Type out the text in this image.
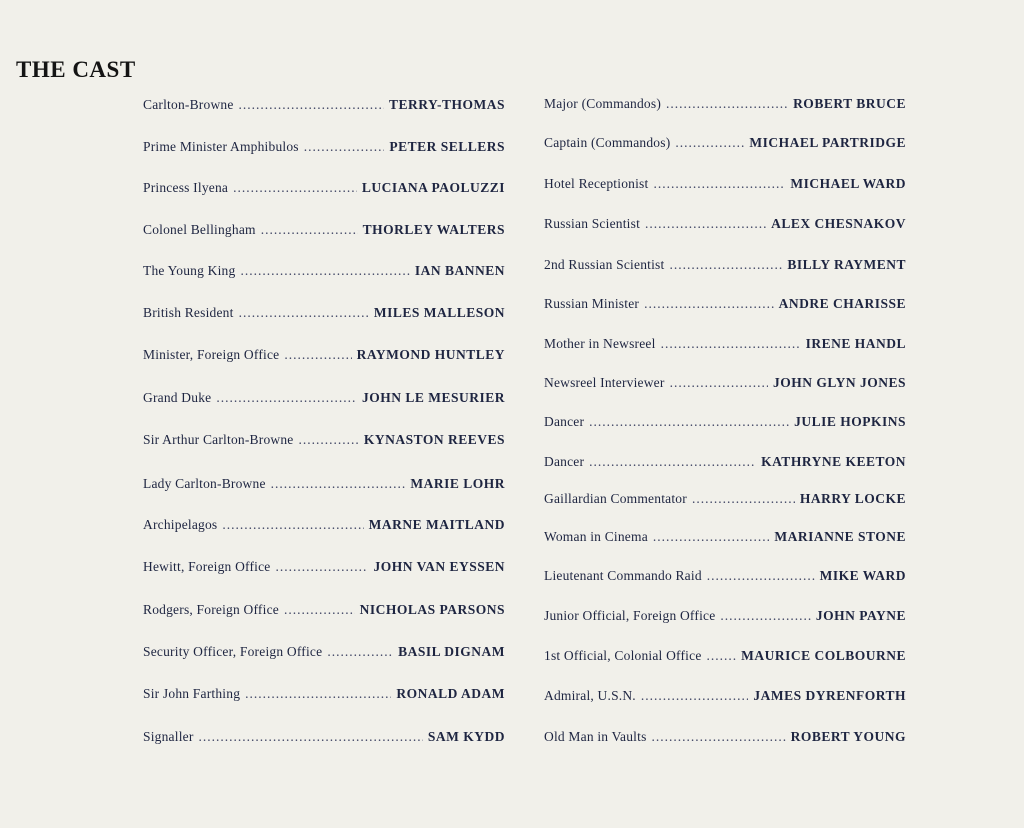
THE CAST
Carlton-Browne .....	TERRY-THOMAS
Prime Minister Amphibulos .....	PETER SELLERS
Princess Ilyena .....	LUCIANA PAOLUZZI
Colonel Bellingham .....	THORLEY WALTERS
The Young King .....	IAN BANNEN
British Resident .....	MILES MALLESON
Minister, Foreign Office .....	RAYMOND HUNTLEY
Grand Duke .....	JOHN LE MESURIER
Sir Arthur Carlton-Browne .....	KYNASTON REEVES
Lady Carlton-Browne .....	MARIE LOHR
Archipelagos .....	MARNE MAITLAND
Hewitt, Foreign Office .....	JOHN VAN EYSSEN
Rodgers, Foreign Office .....	NICHOLAS PARSONS
Security Officer, Foreign Office .....	BASIL DIGNAM
Sir John Farthing .....	RONALD ADAM
Signaller .....	SAM KYDD
Major (Commandos) .....	ROBERT BRUCE
Captain (Commandos) .....	MICHAEL PARTRIDGE
Hotel Receptionist .....	MICHAEL WARD
Russian Scientist .....	ALEX CHESNAKOV
2nd Russian Scientist .....	BILLY RAYMENT
Russian Minister .....	ANDRE CHARISSE
Mother in Newsreel .....	IRENE HANDL
Newsreel Interviewer .....	JOHN GLYN JONES
Dancer .....	JULIE HOPKINS
Dancer .....	KATHRYNE KEETON
Gaillardian Commentator .....	HARRY LOCKE
Woman in Cinema .....	MARIANNE STONE
Lieutenant Commando Raid .....	MIKE WARD
Junior Official, Foreign Office .....	JOHN PAYNE
1st Official, Colonial Office .....	MAURICE COLBOURNE
Admiral, U.S.N. .....	JAMES DYRENFORTH
Old Man in Vaults .....	ROBERT YOUNG
